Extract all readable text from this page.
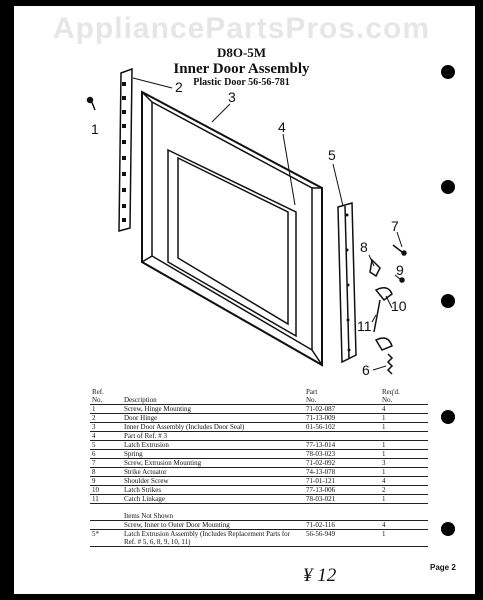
AppliancePartsPros.com
D8O-5M
Inner Door Assembly
Plastic Door 56-56-781
1
2
3
4
5
6
7
8
9
10
11
Ref.
No.	Description	Part
No.	Req'd.
No.
1	Screw, Hinge Mounting	71-02-087	4
2	Door Hinge	71-13-009	1
3	Inner Door Assembly (Includes Door Seal)	01-56-102	1
4	Part of Ref. # 3		
5	Latch Extrusion	77-13-014	1
6	Spring	78-03-023	1
7	Screw, Extrusion Mounting	71-02-092	3
8	Strike Actuator	74-13-078	1
9	Shoulder Screw	71-01-121	4
10	Latch Strikes	77-13-006	2
11	Catch Linkage	78-03-021	1

	Items Not Shown		
	Screw, Inner to Outer Door Mounting	71-02-116	4
5*	Latch Extrusion Assembly (Includes Replacement Parts for Ref. # 5, 6, 8, 9, 10, 11)	56-56-949	1
¥ 12	Page 2
